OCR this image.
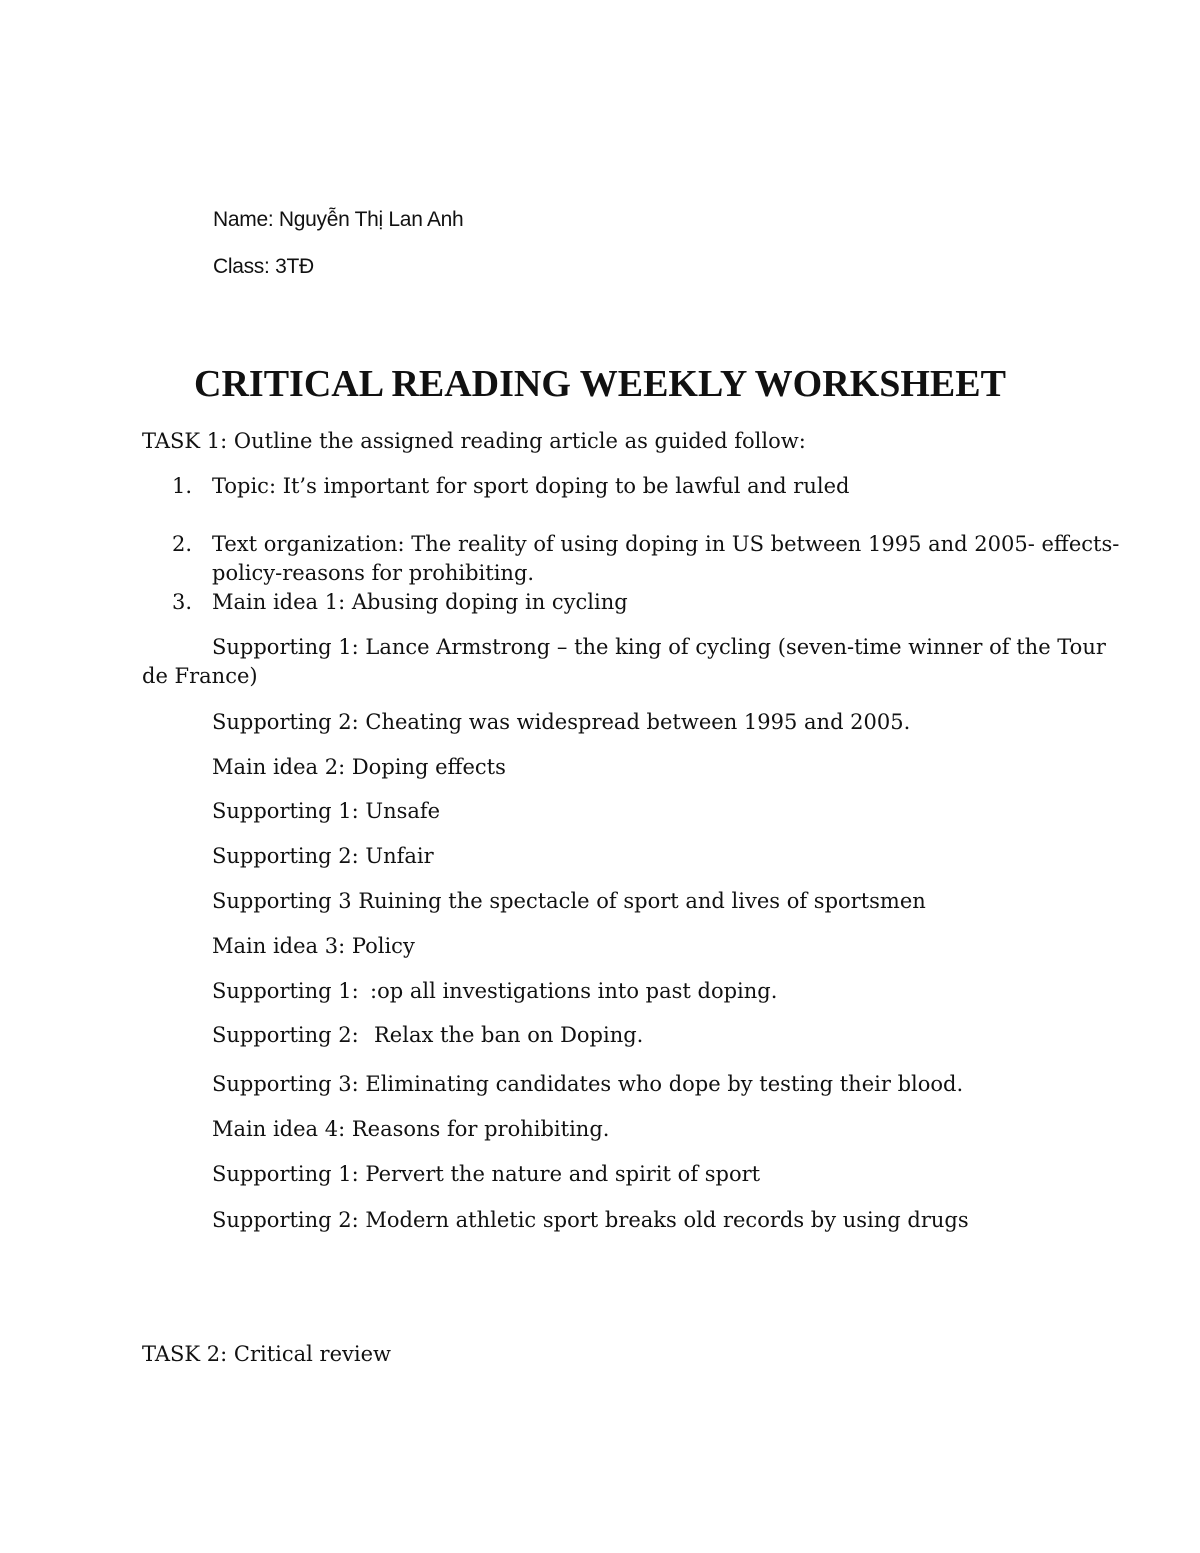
Name: Nguyễn Thị Lan Anh
Class: 3TĐ
CRITICAL READING WEEKLY WORKSHEET
TASK 1: Outline the assigned reading article as guided follow:
1. Topic: It’s important for sport doping to be lawful and ruled
2. Text organization: The reality of using doping in US between 1995 and 2005- effects-
policy-reasons for prohibiting.
3. Main idea 1: Abusing doping in cycling
Supporting 1: Lance Armstrong – the king of cycling (seven-time winner of the Tour
de France)
Supporting 2: Cheating was widespread between 1995 and 2005.
Main idea 2: Doping effects
Supporting 1: Unsafe
Supporting 2: Unfair
Supporting 3 Ruining the spectacle of sport and lives of sportsmen
Main idea 3: Policy
Supporting 1: :op all investigations into past doping.
Supporting 2: Relax the ban on Doping.
Supporting 3: Eliminating candidates who dope by testing their blood.
Main idea 4: Reasons for prohibiting.
Supporting 1: Pervert the nature and spirit of sport
Supporting 2: Modern athletic sport breaks old records by using drugs
TASK 2: Critical review
